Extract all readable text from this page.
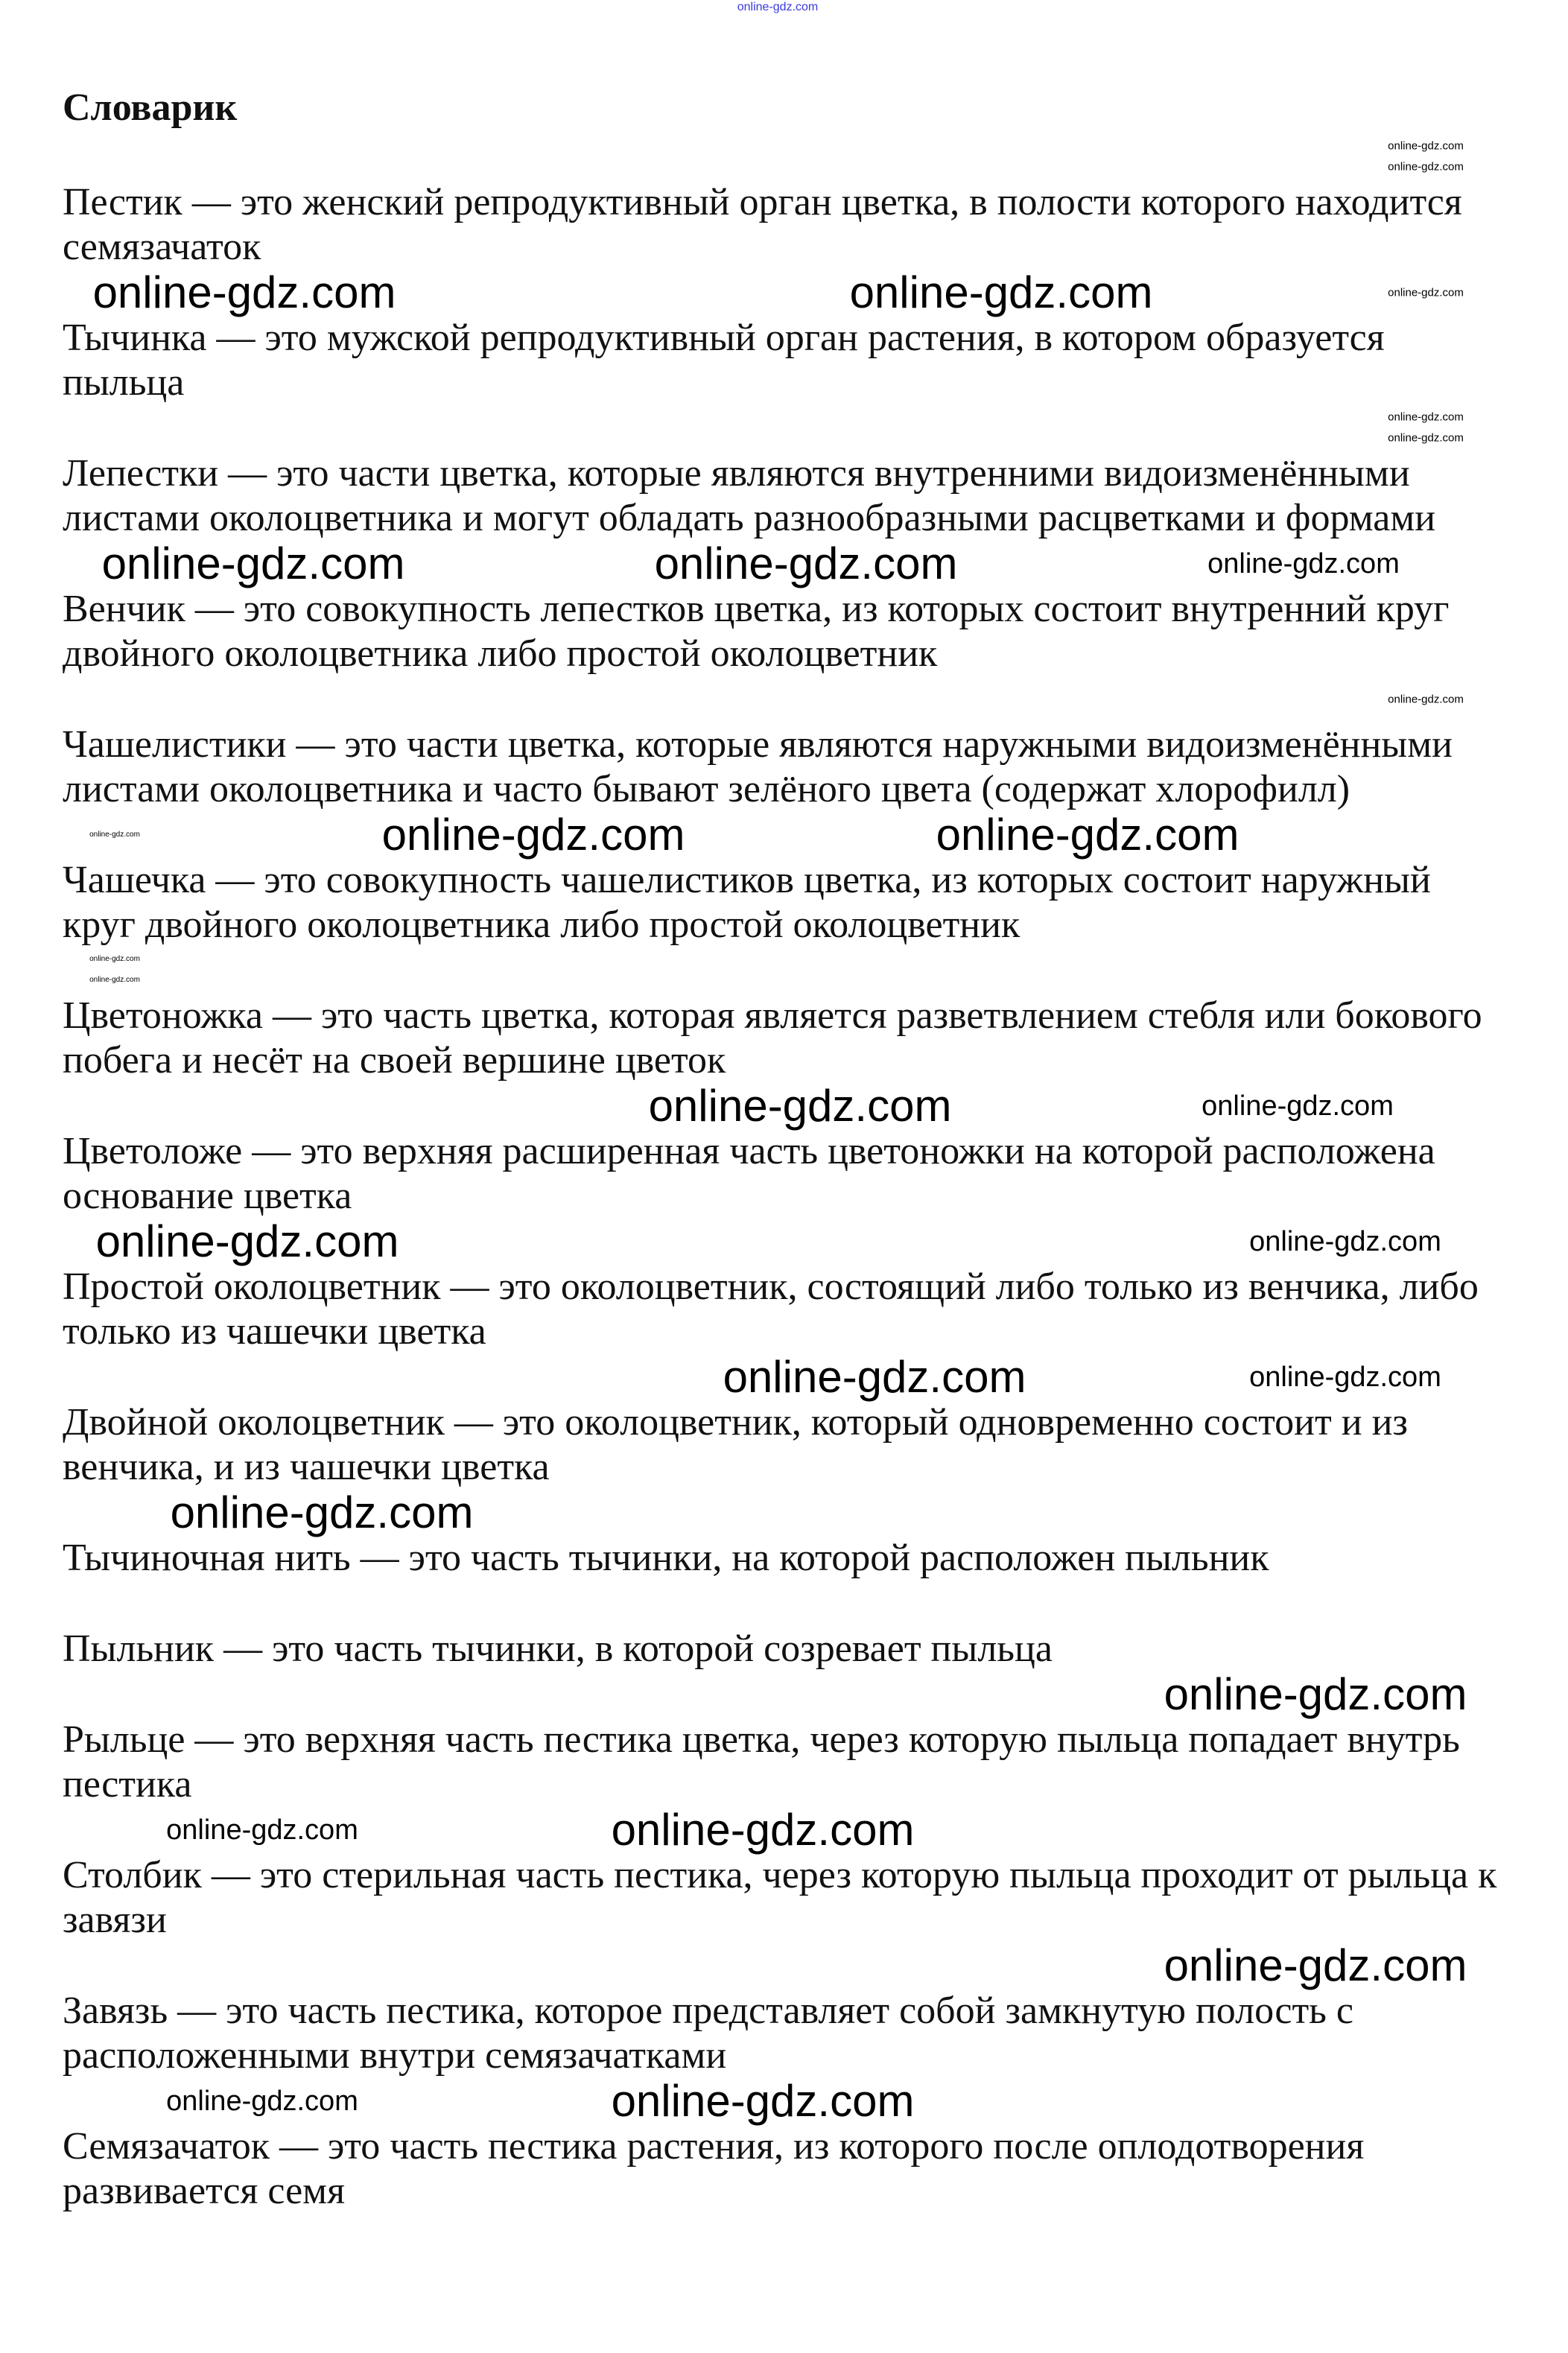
online-gdz.com
Словарик
online-gdz.com
online-gdz.com
Пестик — это женский репродуктивный орган цветка, в полости которого находится семязачаток
online-gdz.com	online-gdz.com	online-gdz.com
Тычинка — это мужской репродуктивный орган растения, в котором образуется пыльца
online-gdz.com
online-gdz.com
Лепестки — это части цветка, которые являются внутренними видоизменёнными листами околоцветника и могут обладать разнообразными расцветками и формами
online-gdz.com	online-gdz.com	online-gdz.com
Венчик — это совокупность лепестков цветка, из которых состоит внутренний круг двойного околоцветника либо простой околоцветник
online-gdz.com
Чашелистики — это части цветка, которые являются наружными видоизменёнными листами околоцветника и часто бывают зелёного цвета (содержат хлорофилл)
online-gdz.com	online-gdz.com
online-gdz.com
Чашечка — это совокупность чашелистиков цветка, из которых состоит наружный круг двойного околоцветника либо простой околоцветник
online-gdz.com
online-gdz.com
Цветоножка — это часть цветка, которая является разветвлением стебля или бокового побега и несёт на своей вершине цветок
online-gdz.com	online-gdz.com
Цветоложе — это верхняя расширенная часть цветоножки на которой расположена основание цветка
online-gdz.com	online-gdz.com
Простой околоцветник — это околоцветник, состоящий либо только из венчика, либо только из чашечки цветка
online-gdz.com	online-gdz.com
Двойной околоцветник — это околоцветник, который одновременно состоит и из венчика, и из чашечки цветка
online-gdz.com
Тычиночная нить — это часть тычинки, на которой расположен пыльник
Пыльник — это часть тычинки, в которой созревает пыльца
online-gdz.com
Рыльце — это верхняя часть пестика цветка, через которую пыльца попадает внутрь пестика
online-gdz.com	online-gdz.com
Столбик — это стерильная часть пестика, через которую пыльца проходит от рыльца к завязи
online-gdz.com
Завязь — это часть пестика, которое представляет собой замкнутую полость с расположенными внутри семязачатками
online-gdz.com	online-gdz.com
Семязачаток — это часть пестика растения, из которого после оплодотворения развивается семя
